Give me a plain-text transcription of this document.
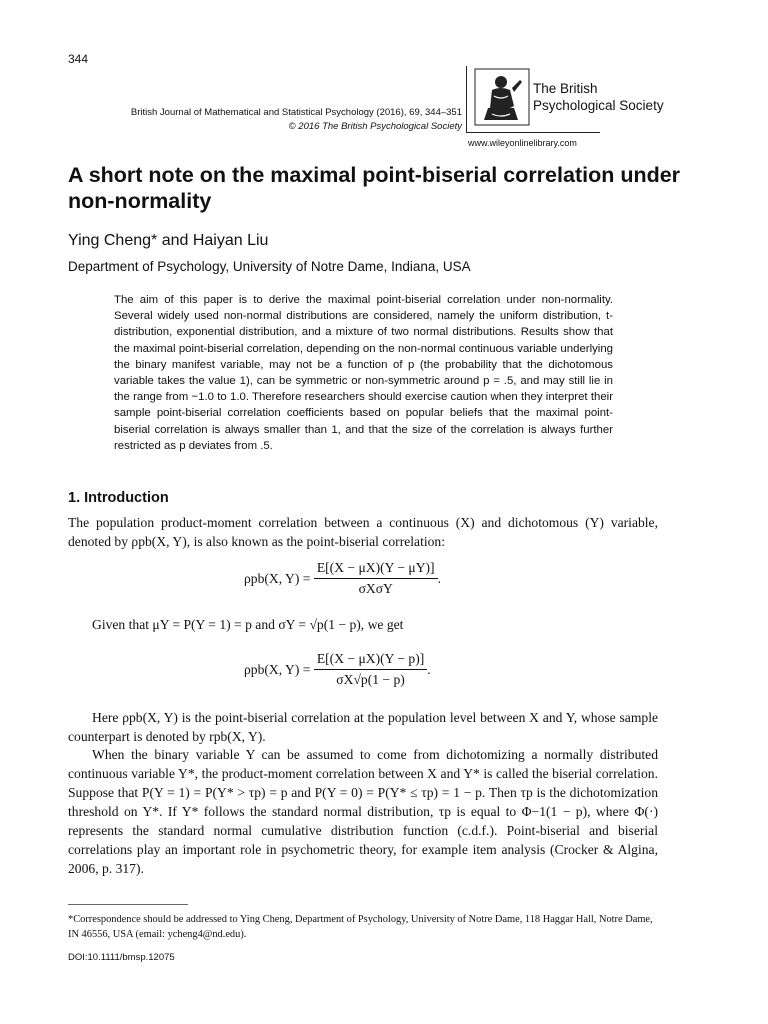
344
British Journal of Mathematical and Statistical Psychology (2016), 69, 344–351
© 2016 The British Psychological Society
The British
Psychological Society
www.wileyonlinelibrary.com
A short note on the maximal point-biserial correlation under non-normality
Ying Cheng* and Haiyan Liu
Department of Psychology, University of Notre Dame, Indiana, USA
The aim of this paper is to derive the maximal point-biserial correlation under non-normality. Several widely used non-normal distributions are considered, namely the uniform distribution, t-distribution, exponential distribution, and a mixture of two normal distributions. Results show that the maximal point-biserial correlation, depending on the non-normal continuous variable underlying the binary manifest variable, may not be a function of p (the probability that the dichotomous variable takes the value 1), can be symmetric or non-symmetric around p = .5, and may still lie in the range from −1.0 to 1.0. Therefore researchers should exercise caution when they interpret their sample point-biserial correlation coefficients based on popular beliefs that the maximal point-biserial correlation is always smaller than 1, and that the size of the correlation is always further restricted as p deviates from .5.
1. Introduction
The population product-moment correlation between a continuous (X) and dichotomous (Y) variable, denoted by ρpb(X, Y), is also known as the point-biserial correlation:
ρpb(X, $Y) = \frac{E[(X - \mu X)(Y - \mu Y)]}{\text{σXσY}}$ .
Given that μY = P(Y = 1) = p and σY = √p(1 − p), we get
ρpb(X, $Y) = \frac{E[(X - \mu X)(Y - p)]}{\sigma X√p(1 - p)}$ .
Here ρpb(X, Y) is the point-biserial correlation at the population level between X and Y, whose sample counterpart is denoted by rpb(X, Y).
When the binary variable Y can be assumed to come from dichotomizing a normally distributed continuous variable Y*, the product-moment correlation between X and Y* is called the biserial correlation. Suppose that P(Y = 1) = P(Y* > τp) = p and P(Y = 0) = P(Y* ≤ τp) = 1 − p. Then τp is the dichotomization threshold on Y*. If Y* follows the standard normal distribution, τp is equal to Φ−1(1 − p), where Φ(·) represents the standard normal cumulative distribution function (c.d.f.). Point-biserial and biserial correlations play an important role in psychometric theory, for example item analysis (Crocker & Algina, 2006, p. 317).
*Correspondence should be addressed to Ying Cheng, Department of Psychology, University of Notre Dame, 118 Haggar Hall, Notre Dame, IN 46556, USA (email: ycheng4@nd.edu).
DOI:10.1111/bmsp.12075
